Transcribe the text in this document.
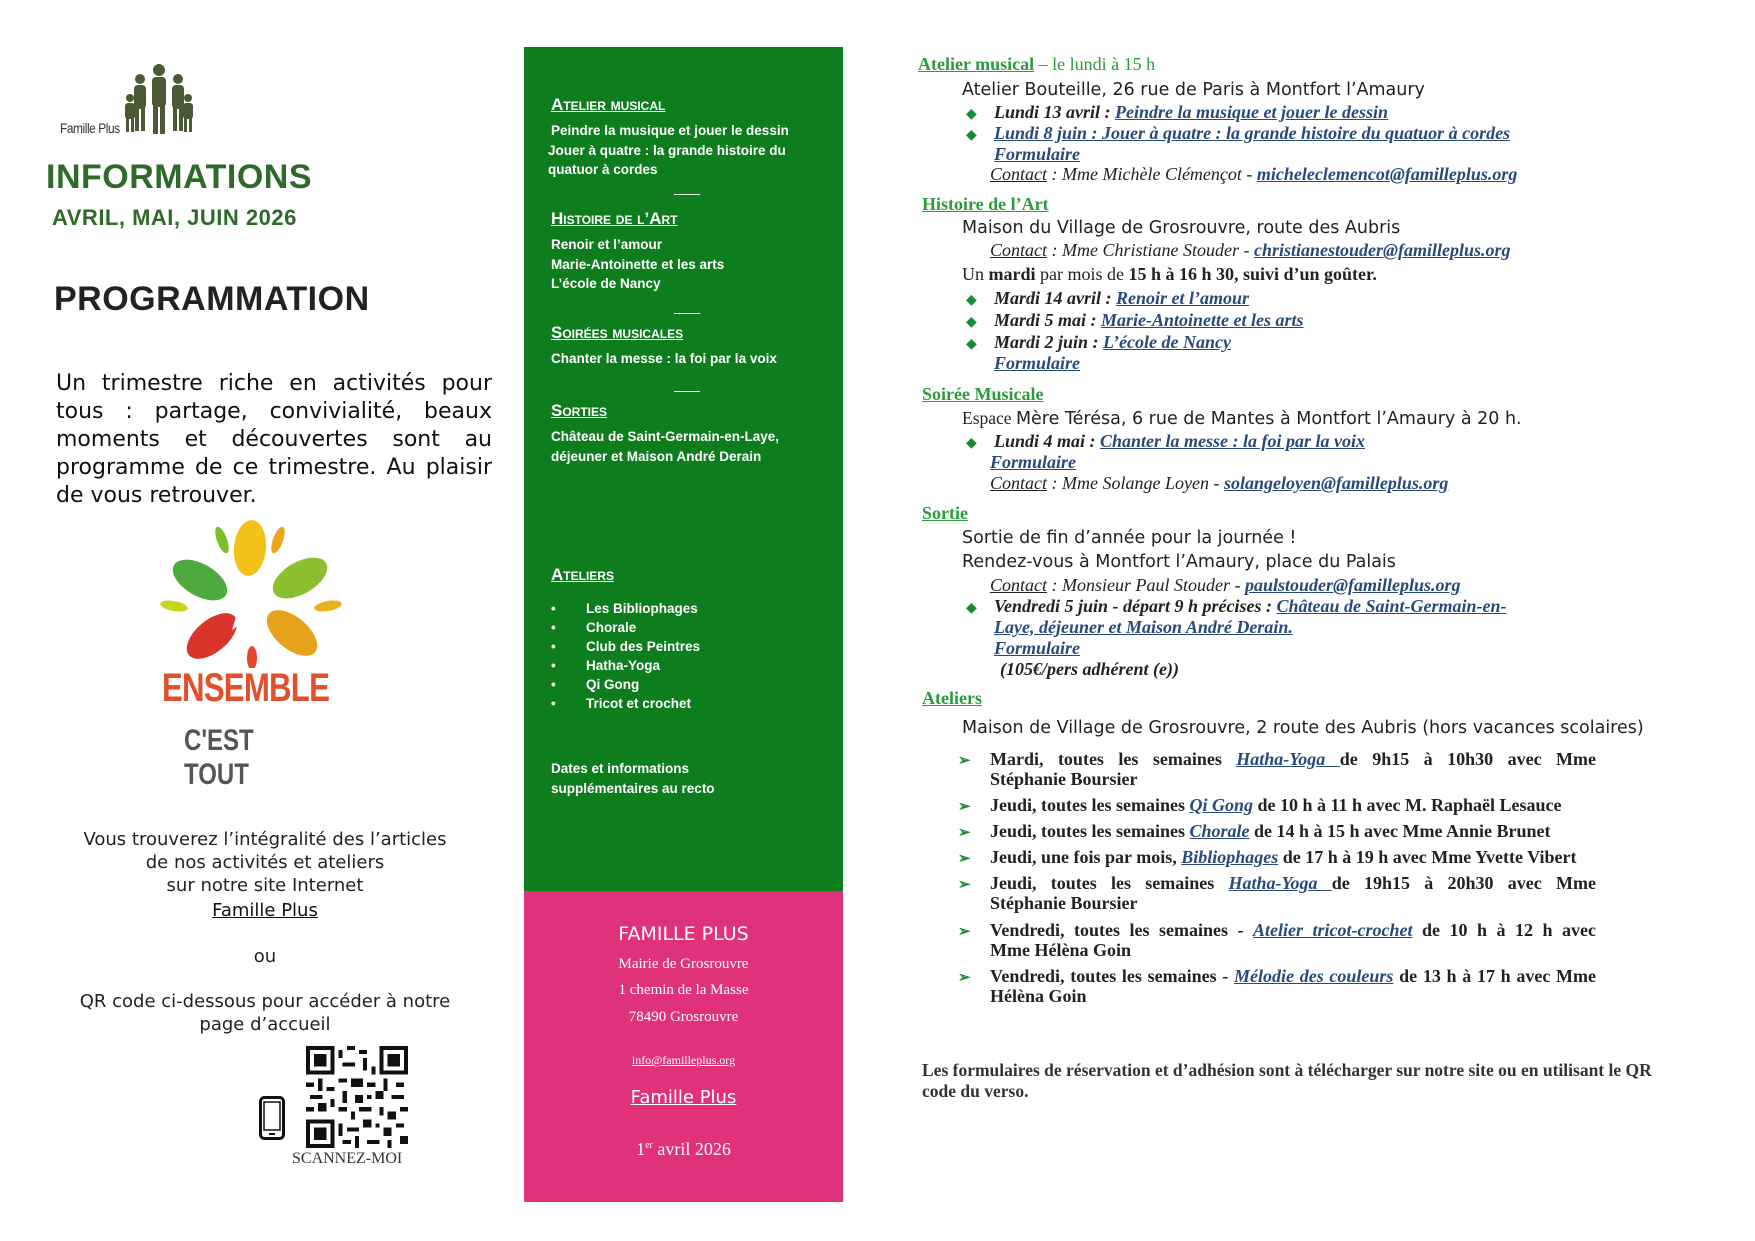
Famille Plus
INFORMATIONS
AVRIL, MAI, JUIN 2026
PROGRAMMATION
Un trimestre riche en activités pour tous : partage, convivialité, beaux moments et découvertes sont au programme de ce trimestre. Au plaisir de vous retrouver.
ENSEMBLE
C'EST TOUT
Vous trouverez l’intégralité des l’articles
de nos activités et ateliers
sur notre site Internet
Famille Plus
ou
QR code ci-dessous pour accéder à notre
page d’accueil
SCANNEZ-MOI
Atelier musical
Peindre la musique et jouer le dessin
Jouer à quatre : la grande histoire du
quatuor à cordes
Histoire de l’Art
Renoir et l’amour
Marie-Antoinette et les arts
L’école de Nancy
Soirées musicales
Chanter la messe : la foi par la voix
Sorties
Château de Saint-Germain-en-Laye,
déjeuner et Maison André Derain
Ateliers
• Les Bibliophages
• Chorale
• Club des Peintres
• Hatha-Yoga
• Qi Gong
• Tricot et crochet
Dates et informations
supplémentaires au recto
FAMILLE PLUS
Mairie de Grosrouvre
1 chemin de la Masse
78490 Grosrouvre
info@familleplus.org
Famille Plus
1er avril 2026
Atelier musical – le lundi à 15 h
Atelier Bouteille, 26 rue de Paris à Montfort l’Amaury
◆ Lundi 13 avril : Peindre la musique et jouer le dessin
◆ Lundi 8 juin : Jouer à quatre : la grande histoire du quatuor à cordes
Formulaire
Contact : Mme Michèle Clémençot - micheleclemencot@familleplus.org
Histoire de l’Art
Maison du Village de Grosrouvre, route des Aubris
Contact : Mme Christiane Stouder - christianestouder@familleplus.org
Un mardi par mois de 15 h à 16 h 30, suivi d’un goûter.
◆ Mardi 14 avril : Renoir et l’amour
◆ Mardi 5 mai : Marie-Antoinette et les arts
◆ Mardi 2 juin : L’école de Nancy
Formulaire
Soirée Musicale
Espace Mère Térésa, 6 rue de Mantes à Montfort l’Amaury à 20 h.
◆ Lundi 4 mai : Chanter la messe : la foi par la voix
Formulaire
Contact : Mme Solange Loyen - solangeloyen@familleplus.org
Sortie
Sortie de fin d’année pour la journée !
Rendez-vous à Montfort l’Amaury, place du Palais
Contact : Monsieur Paul Stouder - paulstouder@familleplus.org
◆ Vendredi 5 juin - départ 9 h précises : Château de Saint-Germain-en-
Laye, déjeuner et Maison André Derain.
Formulaire
(105€/pers adhérent (e))
Ateliers
Maison de Village de Grosrouvre, 2 route des Aubris (hors vacances scolaires)
➢ Mardi, toutes les semaines Hatha-Yoga de 9h15 à 10h30 avec Mme
Stéphanie Boursier
➢ Jeudi, toutes les semaines Qi Gong de 10 h à 11 h avec M. Raphaël Lesauce
➢ Jeudi, toutes les semaines Chorale de 14 h à 15 h avec Mme Annie Brunet
➢ Jeudi, une fois par mois, Bibliophages de 17 h à 19 h avec Mme Yvette Vibert
➢ Jeudi, toutes les semaines Hatha-Yoga de 19h15 à 20h30 avec Mme
Stéphanie Boursier
➢ Vendredi, toutes les semaines - Atelier tricot-crochet de 10 h à 12 h avec
Mme Hélèna Goin
➢ Vendredi, toutes les semaines - Mélodie des couleurs de 13 h à 17 h avec Mme
Hélèna Goin
Les formulaires de réservation et d’adhésion sont à télécharger sur notre site ou en utilisant le QR code du verso.
